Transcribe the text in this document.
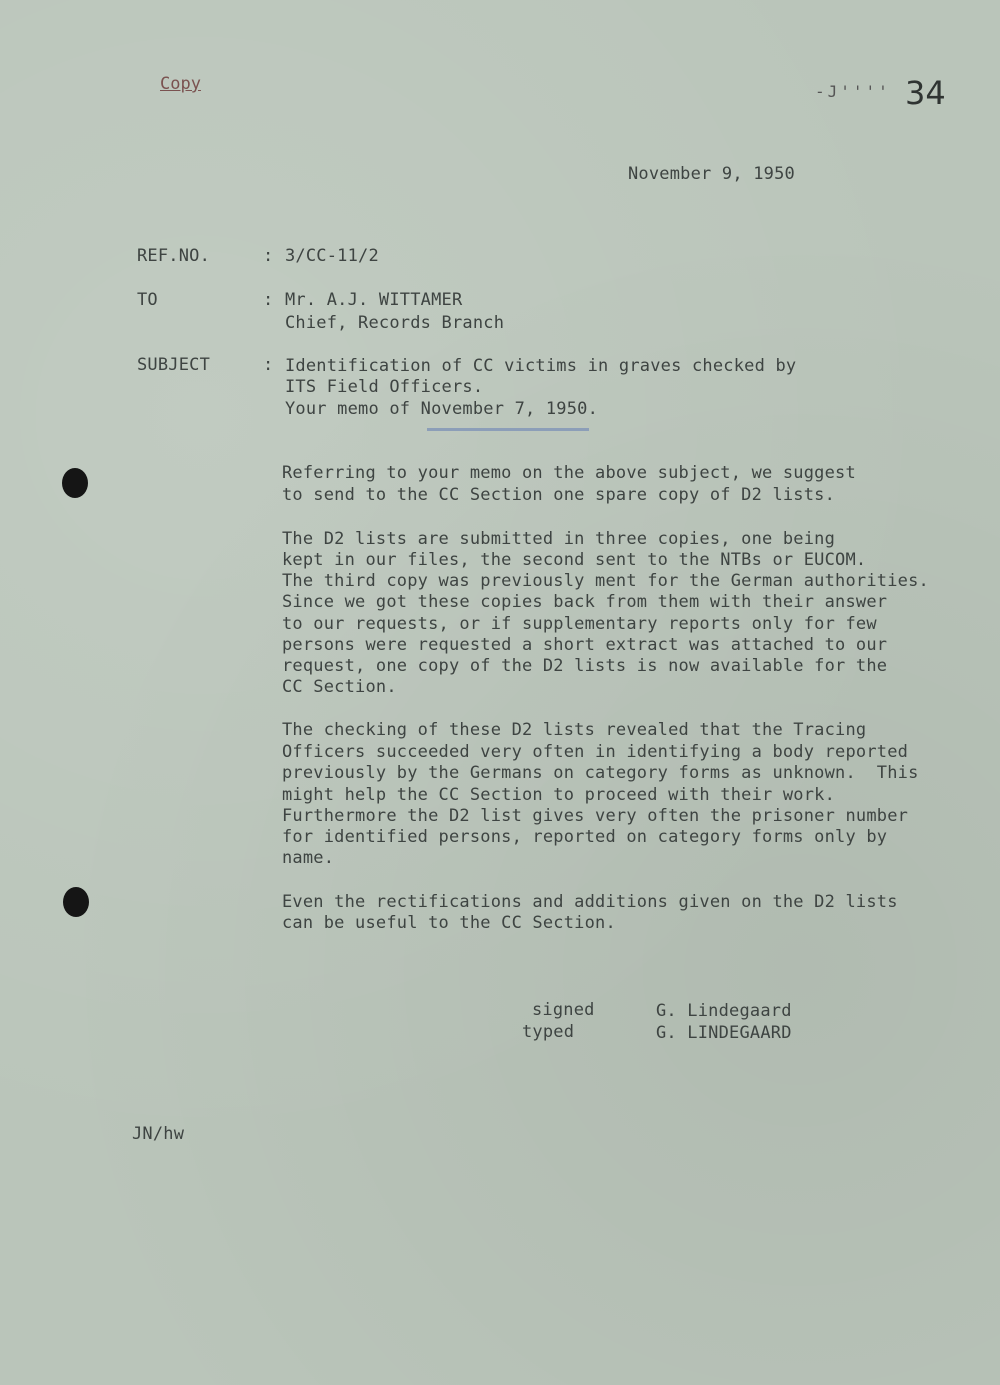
Copy	-J'''' 34
November 9, 1950
REF.NO.	: 3/CC-11/2
TO	: Mr. A.J. WITTAMER
Chief, Records Branch
SUBJECT	: Identification of CC victims in graves checked by
ITS Field Officers.
Your memo of November 7, 1950.
Referring to your memo on the above subject, we suggest
to send to the CC Section one spare copy of D2 lists.
The D2 lists are submitted in three copies, one being
kept in our files, the second sent to the NTBs or EUCOM.
The third copy was previously ment for the German authorities.
Since we got these copies back from them with their answer
to our requests, or if supplementary reports only for few
persons were requested a short extract was attached to our
request, one copy of the D2 lists is now available for the
CC Section.
The checking of these D2 lists revealed that the Tracing
Officers succeeded very often in identifying a body reported
previously by the Germans on category forms as unknown.  This
might help the CC Section to proceed with their work.
Furthermore the D2 list gives very often the prisoner number
for identified persons, reported on category forms only by
name.
Even the rectifications and additions given on the D2 lists
can be useful to the CC Section.
signed	G. Lindegaard
typed	G. LINDEGAARD
JN/hw
